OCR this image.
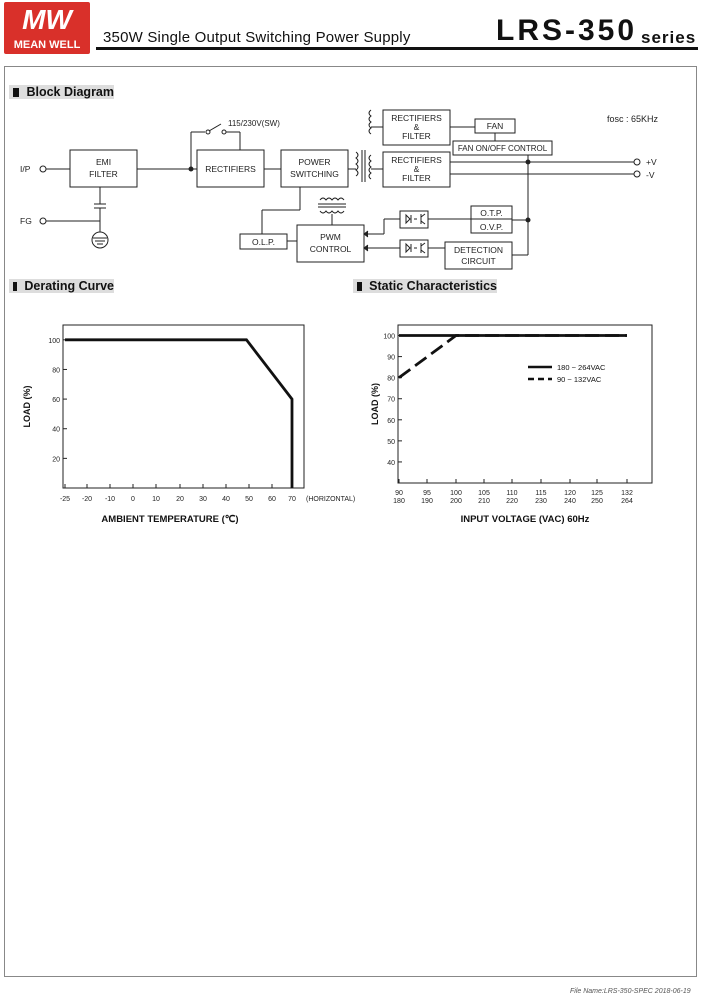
MW
MEAN WELL 350W Single Output Switching Power Supply	LRS-350 series
Block Diagram
Derating Curve	Static Characteristics
fosc : 65KHz
I/P
EMI
FILTER
FG
115/230V(SW)
RECTIFIERS
POWER
SWITCHING
RECTIFIERS
&
FILTER
FAN
FAN ON/OFF CONTROL
RECTIFIERS
&
FILTER
+V
-V
PWM
CONTROL
O.L.P.
O.T.P.
O.V.P.
DETECTION
CIRCUIT
-25 -20 -10 0 10 20 30 40 50 60 70 (HORIZONTAL)
20
40
60
80
100
AMBIENT TEMPERATURE (℃)
LOAD (%)
90
180
95
190
100
200
105
210
110
220
115
230
120
240
125
250
132
264
40
50
60
70
80
90
100
180 ~ 264VAC
90 ~ 132VAC
INPUT VOLTAGE (VAC) 60Hz
LOAD (%)
File Name:LRS-350-SPEC 2018-06-19
